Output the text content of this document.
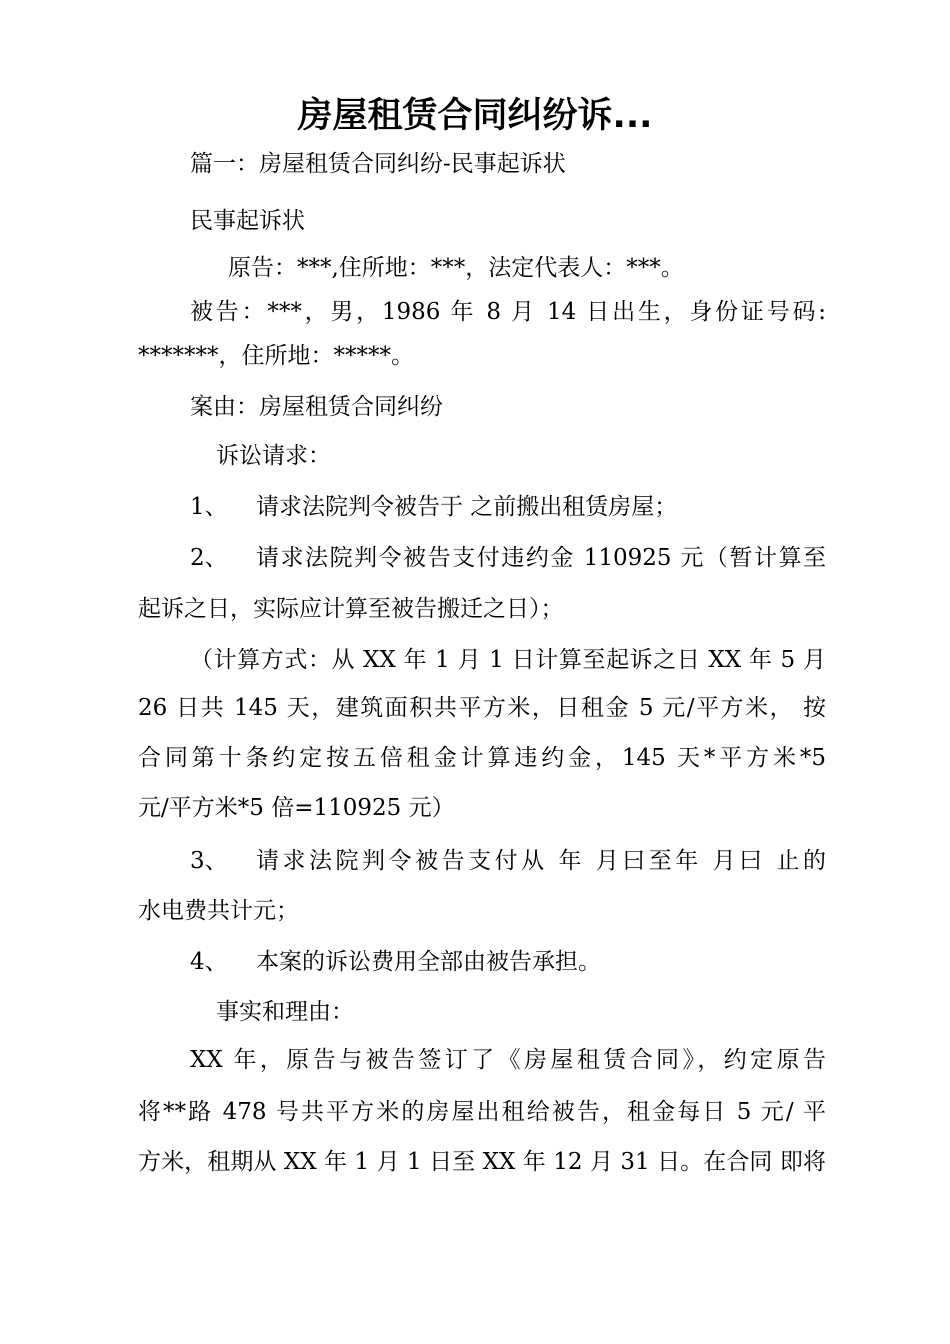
房屋租赁合同纠纷诉...
篇一：房屋租赁合同纠纷-民事起诉状
民事起诉状
原告：***,住所地：***，法定代表人：***。
被告：***，男，1986 年 8 月 14 日出生，身份证号码:
*******，住所地：*****。
案由：房屋租赁合同纠纷
诉讼请求：
1、 请求法院判令被告于 之前搬出租赁房屋；
2、	请求法院判令被告支付违约金 110925 元（暂计算至
起诉之日，实际应计算至被告搬迁之日）；
（计算方式：从 XX 年 1 月 1 日计算至起诉之日 XX 年 5 月
26 日共 145 天，建筑面积共平方米，日租金 5 元/平方米， 按
合同第十条约定按五倍租金计算违约金，145 天*平方米*5
元/平方米*5 倍=110925 元）
3、	请求法院判令被告支付从 年 月曰至年 月曰 止的
水电费共计元；
4、 本案的诉讼费用全部由被告承担。
事实和理由：
XX 年，原告与被告签订了《房屋租赁合同》，约定原告
将**路 478 号共平方米的房屋出租给被告，租金每日 5 元/ 平
方米，租期从 XX 年 1 月 1 日至 XX 年 12 月 31 日。在合同 即将
